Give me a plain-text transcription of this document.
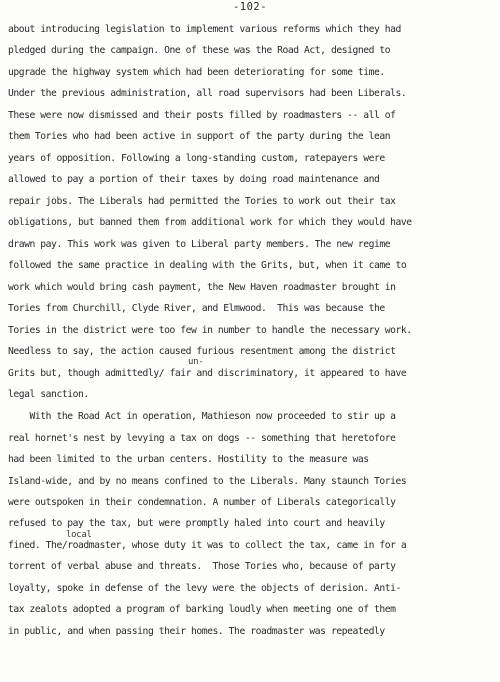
-102-
about introducing legislation to implement various reforms which they had
pledged during the campaign. One of these was the Road Act, designed to
upgrade the highway system which had been deteriorating for some time.
Under the previous administration, all road supervisors had been Liberals.
These were now dismissed and their posts filled by roadmasters -- all of
them Tories who had been active in support of the party during the lean
years of opposition. Following a long-standing custom, ratepayers were
allowed to pay a portion of their taxes by doing road maintenance and
repair jobs. The Liberals had permitted the Tories to work out their tax
obligations, but banned them from additional work for which they would have
drawn pay. This work was given to Liberal party members. The new regime
followed the same practice in dealing with the Grits, but, when it came to
work which would bring cash payment, the New Haven roadmaster brought in
Tories from Churchill, Clyde River, and Elmwood.  This was because the
Tories in the district were too few in number to handle the necessary work.
Needless to say, the action caused furious resentment among the district
un-
Grits but, though admittedly/ fair and discriminatory, it appeared to have
legal sanction.
With the Road Act in operation, Mathieson now proceeded to stir up a
real hornet's nest by levying a tax on dogs -- something that heretofore
had been limited to the urban centers. Hostility to the measure was
Island-wide, and by no means confined to the Liberals. Many staunch Tories
were outspoken in their condemnation. A number of Liberals categorically
refused to pay the tax, but were promptly haled into court and heavily
local
fined. The/roadmaster, whose duty it was to collect the tax, came in for a
torrent of verbal abuse and threats.  Those Tories who, because of party
loyalty, spoke in defense of the levy were the objects of derision. Anti-
tax zealots adopted a program of barking loudly when meeting one of them
in public, and when passing their homes. The roadmaster was repeatedly
